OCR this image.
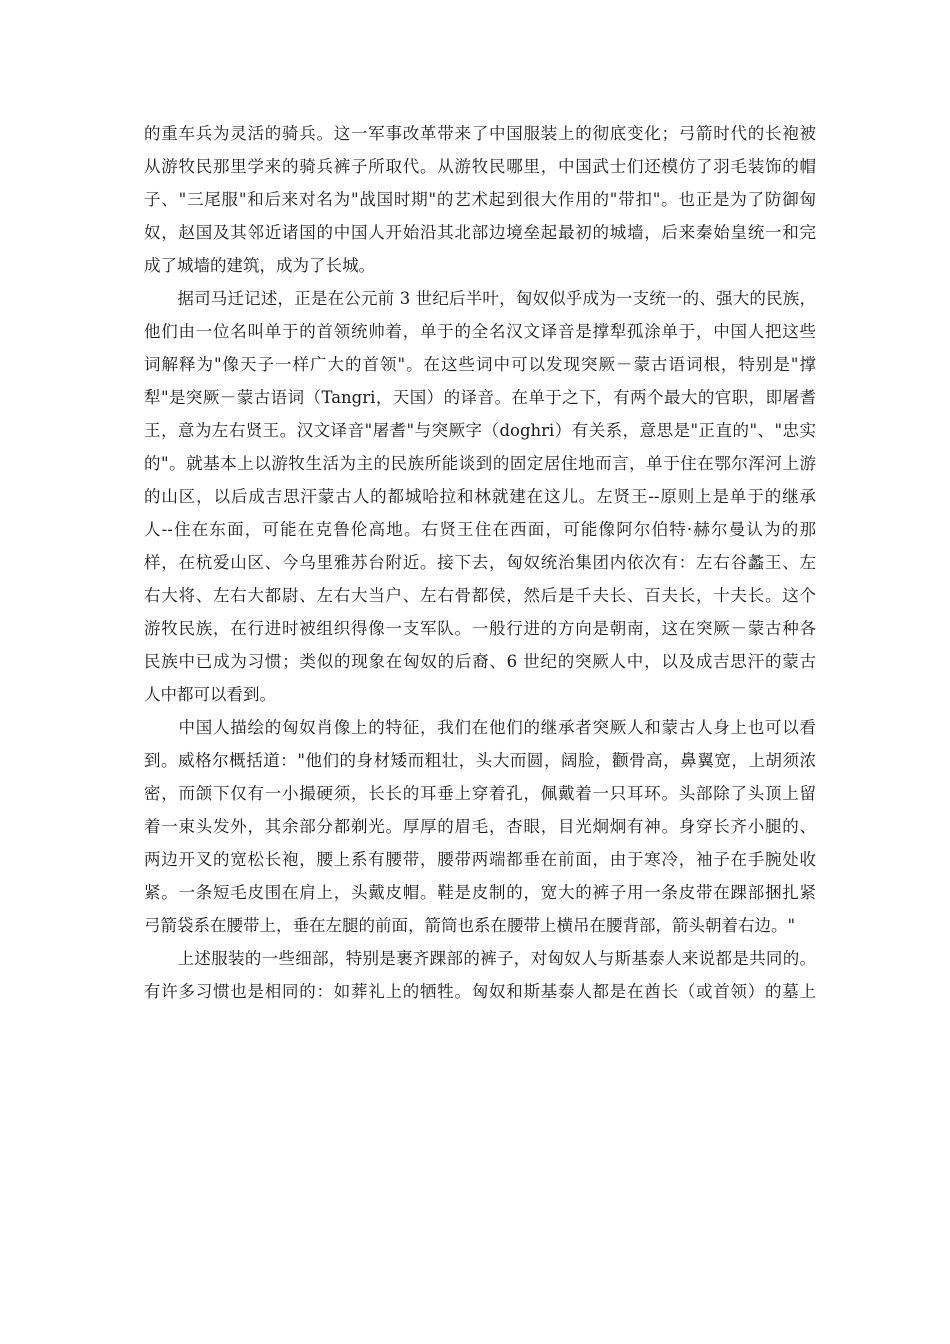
的重车兵为灵活的骑兵。这一军事改革带来了中国服装上的彻底变化；弓箭时代的长袍被
从游牧民那里学来的骑兵裤子所取代。从游牧民哪里，中国武士们还模仿了羽毛装饰的帽
子、"三尾服"和后来对名为"战国时期"的艺术起到很大作用的"带扣"。也正是为了防御匈
奴，赵国及其邻近诸国的中国人开始沿其北部边境垒起最初的城墙，后来秦始皇统一和完
成了城墙的建筑，成为了长城。
　　据司马迁记述，正是在公元前 3 世纪后半叶，匈奴似乎成为一支统一的、强大的民族，
他们由一位名叫单于的首领统帅着，单于的全名汉文译音是撑犁孤涂单于，中国人把这些
词解释为"像天子一样广大的首领"。在这些词中可以发现突厥－蒙古语词根，特别是"撑
犁"是突厥－蒙古语词（Tangri，天国）的译音。在单于之下，有两个最大的官职，即屠耆
王，意为左右贤王。汉文译音"屠耆"与突厥字（doghri）有关系，意思是"正直的"、"忠实
的"。就基本上以游牧生活为主的民族所能谈到的固定居住地而言，单于住在鄂尔浑河上游
的山区，以后成吉思汗蒙古人的都城哈拉和林就建在这儿。左贤王--原则上是单于的继承
人--住在东面，可能在克鲁伦高地。右贤王住在西面，可能像阿尔伯特·赫尔曼认为的那
样，在杭爱山区、今乌里雅苏台附近。接下去，匈奴统治集团内依次有：左右谷蠡王、左
右大将、左右大都尉、左右大当户、左右骨都侯，然后是千夫长、百夫长，十夫长。这个
游牧民族，在行进时被组织得像一支军队。一般行进的方向是朝南，这在突厥－蒙古种各
民族中已成为习惯；类似的现象在匈奴的后裔、6 世纪的突厥人中，以及成吉思汗的蒙古
人中都可以看到。
　　中国人描绘的匈奴肖像上的特征，我们在他们的继承者突厥人和蒙古人身上也可以看
到。威格尔概括道："他们的身材矮而粗壮，头大而圆，阔脸，颧骨高，鼻翼宽，上胡须浓
密，而颌下仅有一小撮硬须，长长的耳垂上穿着孔，佩戴着一只耳环。头部除了头顶上留
着一束头发外，其余部分都剃光。厚厚的眉毛，杏眼，目光炯炯有神。身穿长齐小腿的、
两边开叉的宽松长袍，腰上系有腰带，腰带两端都垂在前面，由于寒冷，袖子在手腕处收
紧。一条短毛皮围在肩上，头戴皮帽。鞋是皮制的，宽大的裤子用一条皮带在踝部捆扎紧
弓箭袋系在腰带上，垂在左腿的前面，箭筒也系在腰带上横吊在腰背部，箭头朝着右边。"
　　上述服装的一些细部，特别是裹齐踝部的裤子，对匈奴人与斯基泰人来说都是共同的。
有许多习惯也是相同的：如葬礼上的牺牲。匈奴和斯基泰人都是在酋长（或首领）的墓上
